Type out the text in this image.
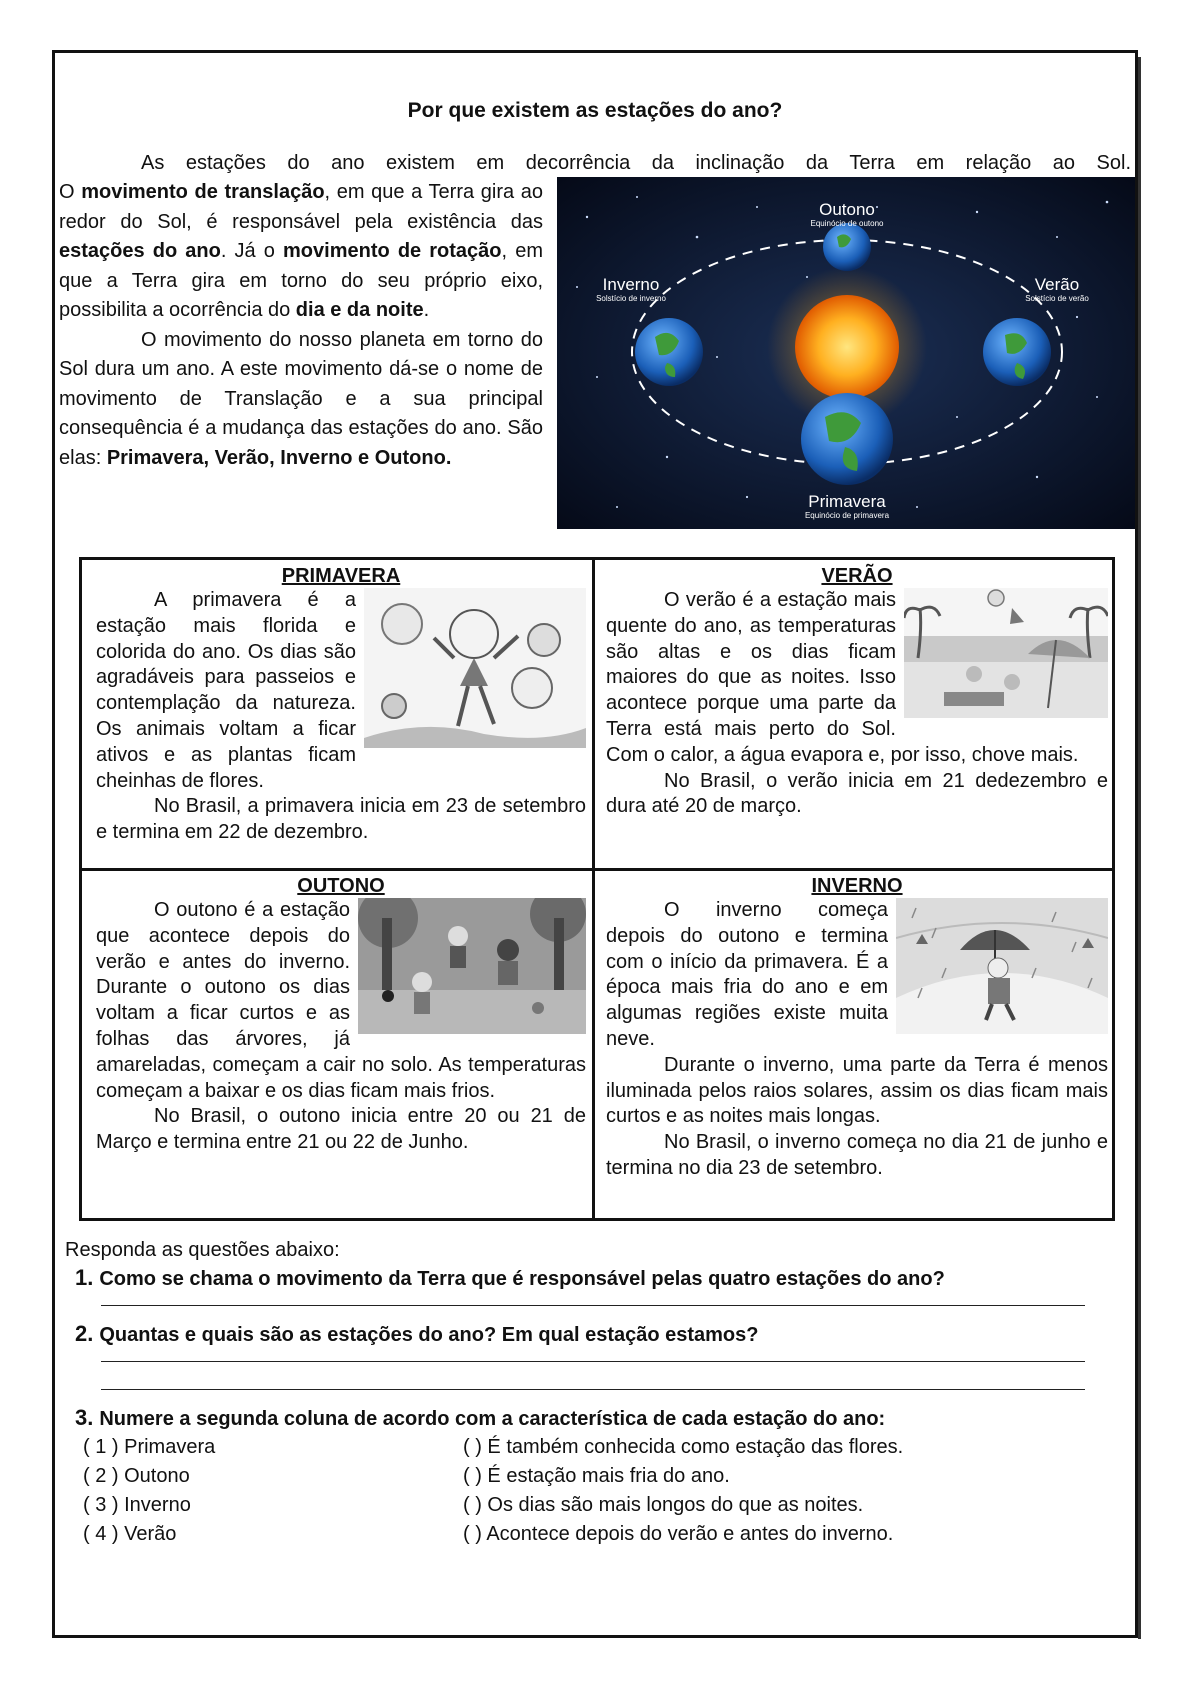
Por que existem as estações do ano?
As estações do ano existem em decorrência da inclinação da Terra em relação ao Sol.

O movimento de translação, em que a Terra gira ao redor do Sol, é responsável pela existência das estações do ano. Já o movimento de rotação, em que a Terra gira em torno do seu próprio eixo, possibilita a ocorrência do dia e da noite.

O movimento do nosso planeta em torno do Sol dura um ano. A este movimento dá-se o nome de movimento de Translação e a sua principal consequência é a mudança das estações do ano. São elas: Primavera, Verão, Inverno e Outono.

Outono
Equinócio de outono
Inverno
Solstício de inverno
Verão
Solstício de verão
Primavera
Equinócio de primavera
PRIMAVERA

A primavera é a estação mais florida e colorida do ano. Os dias são agradáveis para passeios e contemplação da natureza. Os animais voltam a ficar ativos e as plantas ficam cheinhas de flores.

No Brasil, a primavera inicia em 23 de setembro e termina em 22 de dezembro.

VERÃO

O verão é a estação mais quente do ano, as temperaturas são altas e os dias ficam maiores do que as noites. Isso acontece porque uma parte da Terra está mais perto do Sol. Com o calor, a água evapora e, por isso, chove mais.

No Brasil, o verão inicia em 21 dedezembro e dura até 20 de março.

OUTONO

O outono é a estação que acontece depois do verão e antes do inverno. Durante o outono os dias voltam a ficar curtos e as folhas das árvores, já amareladas, começam a cair no solo. As temperaturas começam a baixar e os dias ficam mais frios.

No Brasil, o outono inicia entre 20 ou 21 de Março e termina entre 21 ou 22 de Junho.

INVERNO

O inverno começa depois do outono e termina com o início da primavera. É a época mais fria do ano e em algumas regiões existe muita neve.

Durante o inverno, uma parte da Terra é menos iluminada pelos raios solares, assim os dias ficam mais curtos e as noites mais longas.

No Brasil, o inverno começa no dia 21 de junho e termina no dia 23 de setembro.

Responda as questões abaixo:
1. Como se chama o movimento da Terra que é responsável pelas quatro estações do ano?
2. Quantas e quais são as estações do ano? Em qual estação estamos?
3. Numere a segunda coluna de acordo com a característica de cada estação do ano:
( 1 ) Primavera
( 2 ) Outono
( 3 ) Inverno
( 4 ) Verão
( ) É também conhecida como estação das flores.
( ) É estação mais fria do ano.
( ) Os dias são mais longos do que as noites.
( ) Acontece depois do verão e antes do inverno.
